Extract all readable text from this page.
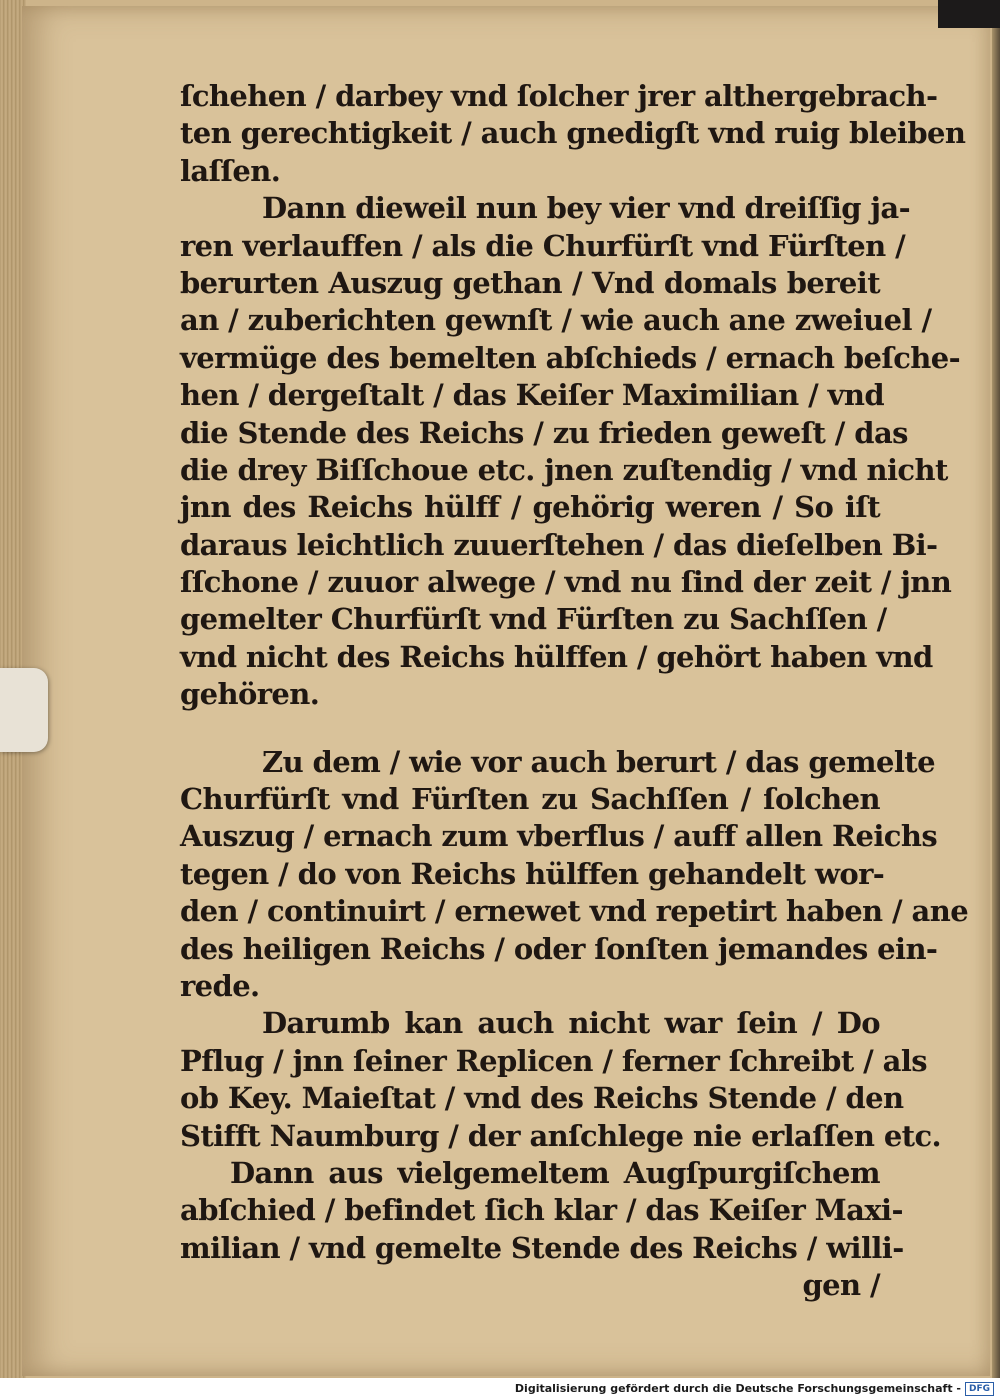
ſchehen / darbey vnd ſolcher jrer althergebrach-
ten gerechtigkeit / auch gnedigſt vnd ruig bleiben
laſſen.
Dann dieweil nun bey vier vnd dreiſſig ja-
ren verlauffen / als die Churfürſt vnd Fürſten /
berurten Auszug gethan / Vnd domals bereit
an / zuberichten gewnſt / wie auch ane zweiuel /
vermüge des bemelten abſchieds / ernach beſche-
hen / dergeſtalt / das Keiſer Maximilian / vnd
die Stende des Reichs / zu frieden geweſt / das
die drey Biſſchoue etc. jnen zuſtendig / vnd nicht
jnn des Reichs hülff / gehörig weren / So iſt
daraus leichtlich zuuerſtehen / das dieſelben Bi-
ſſchone / zuuor alwege / vnd nu ſind der zeit / jnn
gemelter Churfürſt vnd Fürſten zu Sachſſen /
vnd nicht des Reichs hülffen / gehört haben vnd
gehören.
Zu dem / wie vor auch berurt / das gemelte
Churfürſt vnd Fürſten zu Sachſſen / ſolchen
Auszug / ernach zum vberflus / auff allen Reichs
tegen / do von Reichs hülffen gehandelt wor-
den / continuirt / ernewet vnd repetirt haben / ane
des heiligen Reichs / oder ſonſten jemandes ein-
rede.
Darumb kan auch nicht war ſein / Do
Pflug / jnn ſeiner Replicen / ferner ſchreibt / als
ob Key. Maieſtat / vnd des Reichs Stende / den
Stifft Naumburg / der anſchlege nie erlaſſen etc.
Dann aus vielgemeltem Augſpurgiſchem
abſchied / befindet ſich klar / das Keiſer Maxi-
milian / vnd gemelte Stende des Reichs / willi-
gen /
Digitalisierung gefördert durch die Deutsche Forschungsgemeinschaft - DFG
